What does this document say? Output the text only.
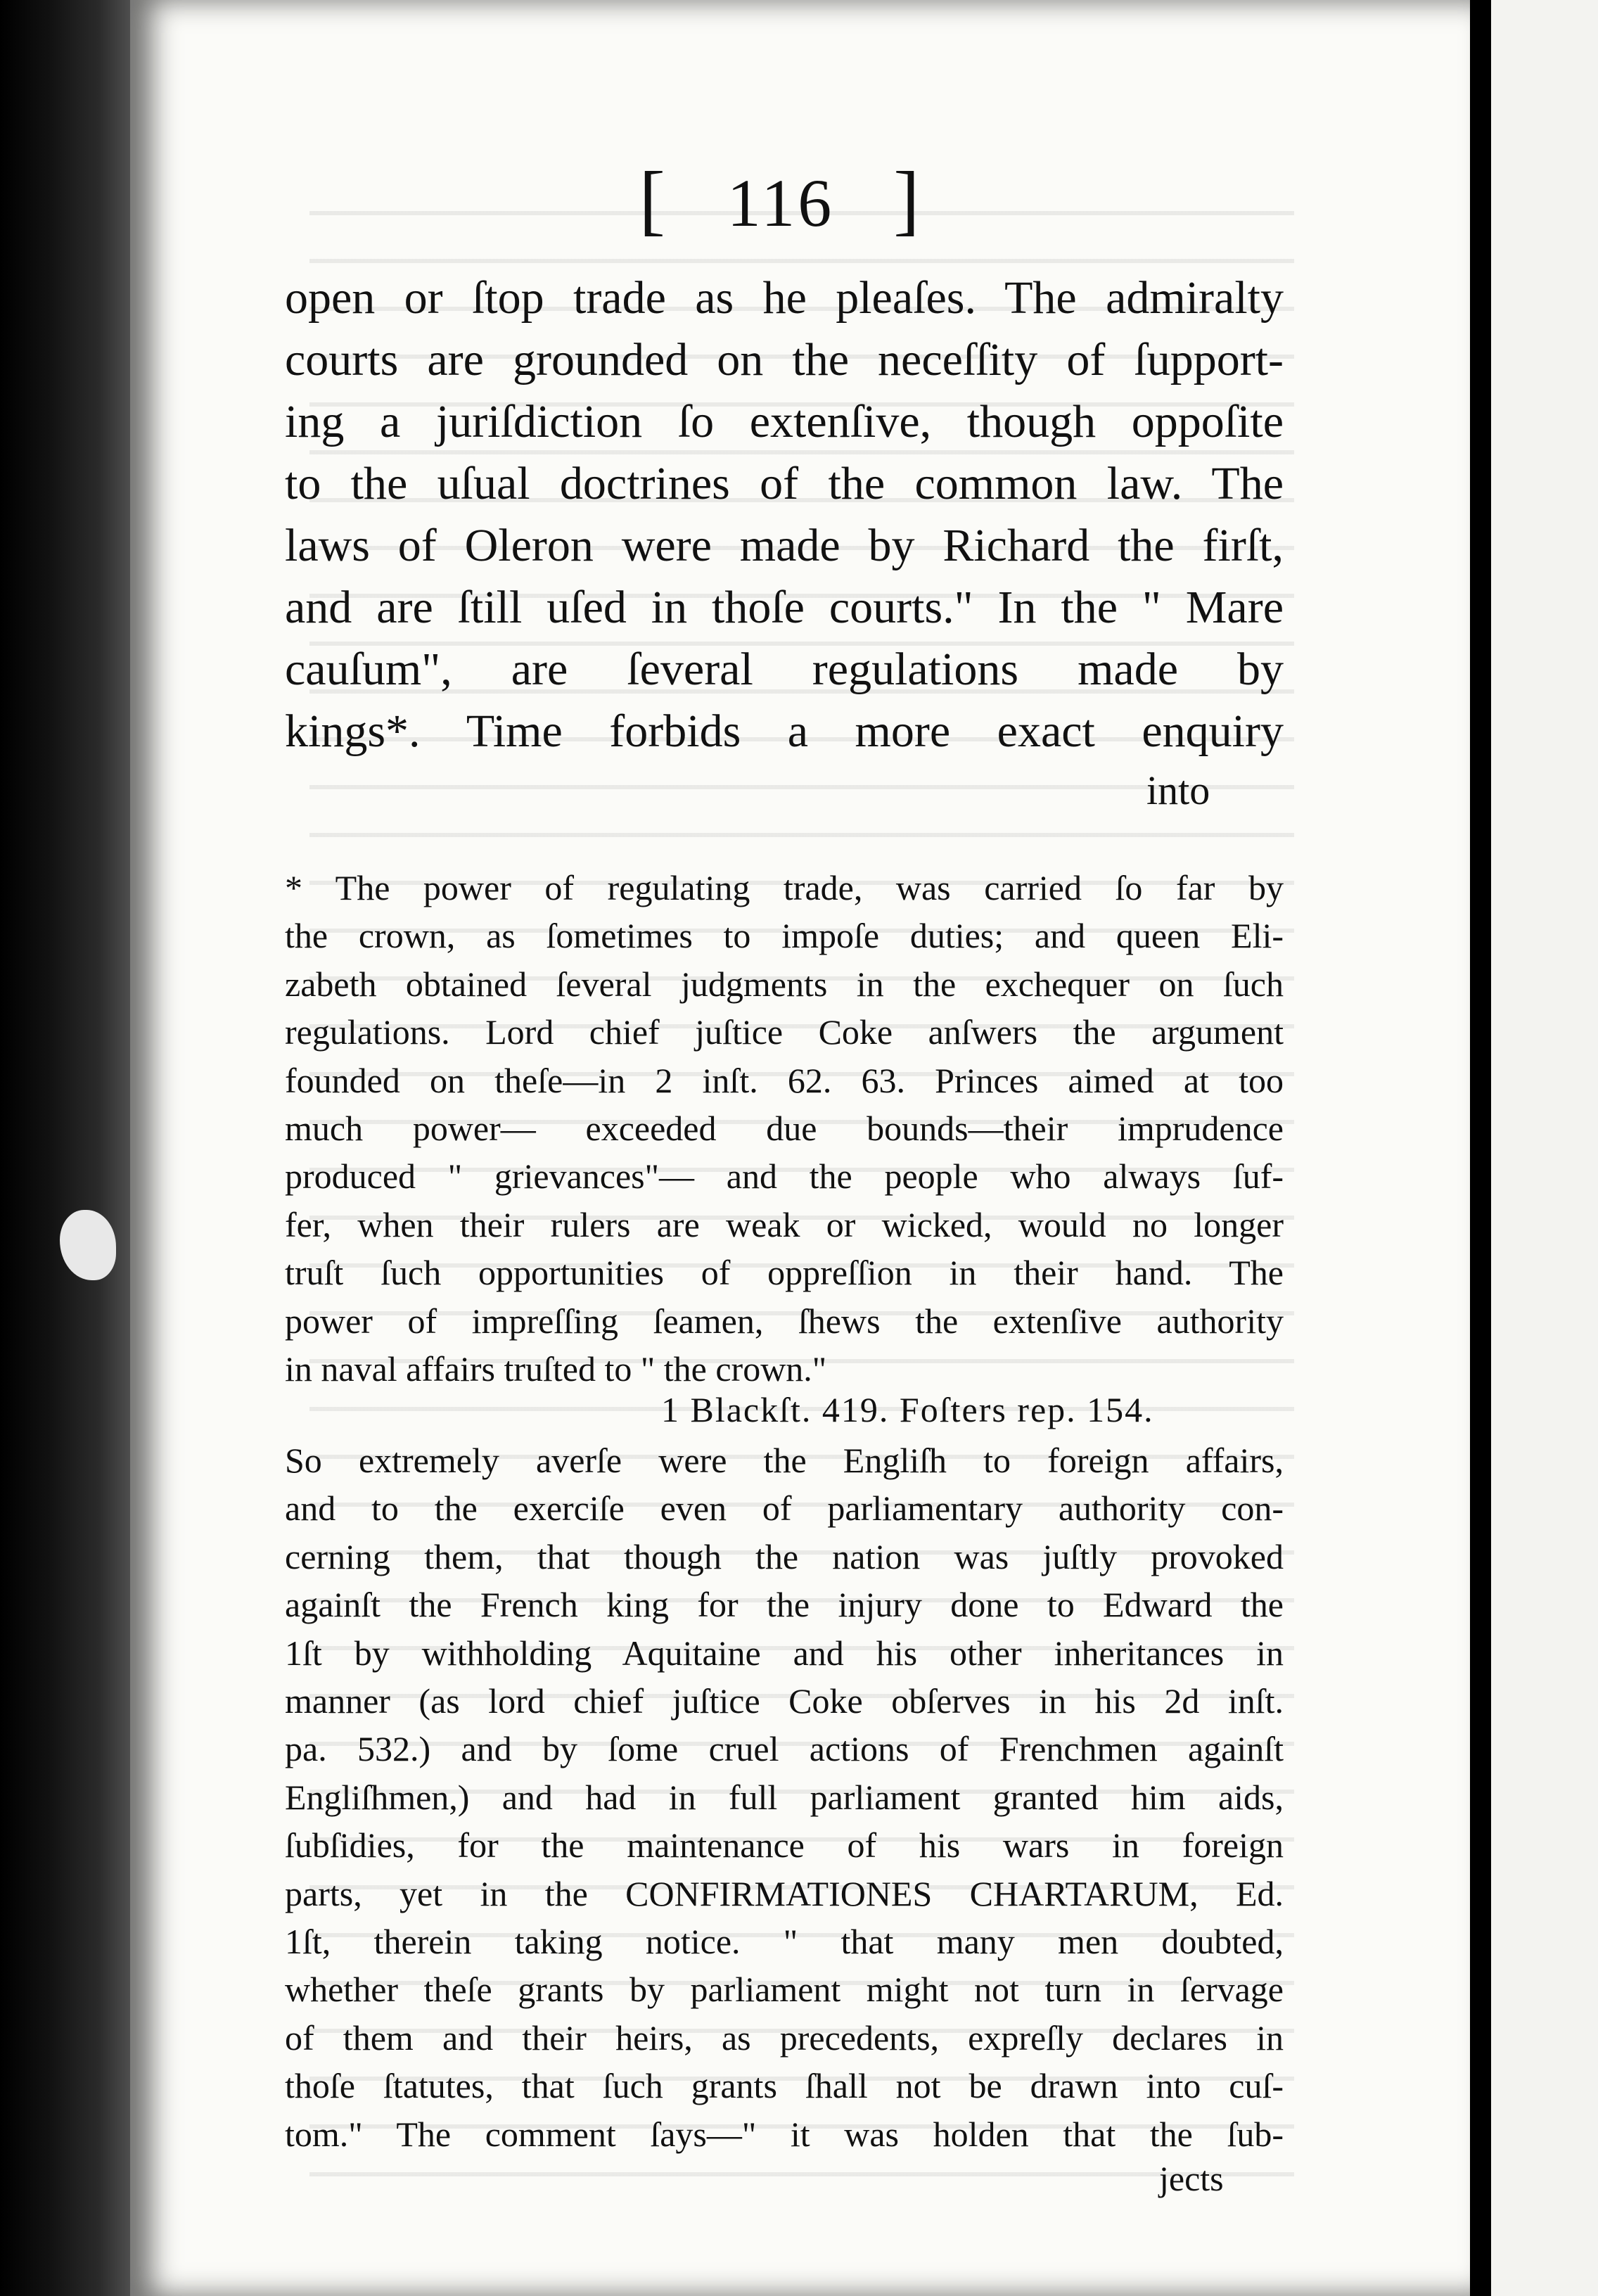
[ 116 ]

open or ſtop trade as he pleaſes. The admiralty

courts are grounded on the neceſſity of ſupport-

ing a juriſdiction ſo extenſive, though oppoſite

to the uſual doctrines of the common law. The

laws of Oleron were made by Richard the firſt,

and are ſtill uſed in thoſe courts." In the " Mare

cauſum", are ſeveral regulations made by

kings*. Time forbids a more exact enquiry

into

* The power of regulating trade, was carried ſo far by

the crown, as ſometimes to impoſe duties; and queen Eli-

zabeth obtained ſeveral judgments in the exchequer on ſuch

regulations. Lord chief juſtice Coke anſwers the argument

founded on theſe—in 2 inſt. 62. 63. Princes aimed at too

much power— exceeded due bounds—their imprudence

produced " grievances"— and the people who always ſuf-

fer, when their rulers are weak or wicked, would no longer

truſt ſuch opportunities of oppreſſion in their hand. The

power of impreſſing ſeamen, ſhews the extenſive authority

in naval affairs truſted to " the crown."

1 Blackſt. 419. Foſters rep. 154.

So extremely averſe were the Engliſh to foreign affairs,

and to the exerciſe even of parliamentary authority con-

cerning them, that though the nation was juſtly provoked

againſt the French king for the injury done to Edward the

1ſt by withholding Aquitaine and his other inheritances in

manner (as lord chief juſtice Coke obſerves in his 2d inſt.

pa. 532.) and by ſome cruel actions of Frenchmen againſt

Engliſhmen,) and had in full parliament granted him aids,

ſubſidies, for the maintenance of his wars in foreign

parts, yet in the CONFIRMATIONES CHARTARUM, Ed.

1ſt, therein taking notice. " that many men doubted,

whether theſe grants by parliament might not turn in ſervage

of them and their heirs, as precedents, expreſly declares in

thoſe ſtatutes, that ſuch grants ſhall not be drawn into cuſ-

tom." The comment ſays—" it was holden that the ſub-

jects
